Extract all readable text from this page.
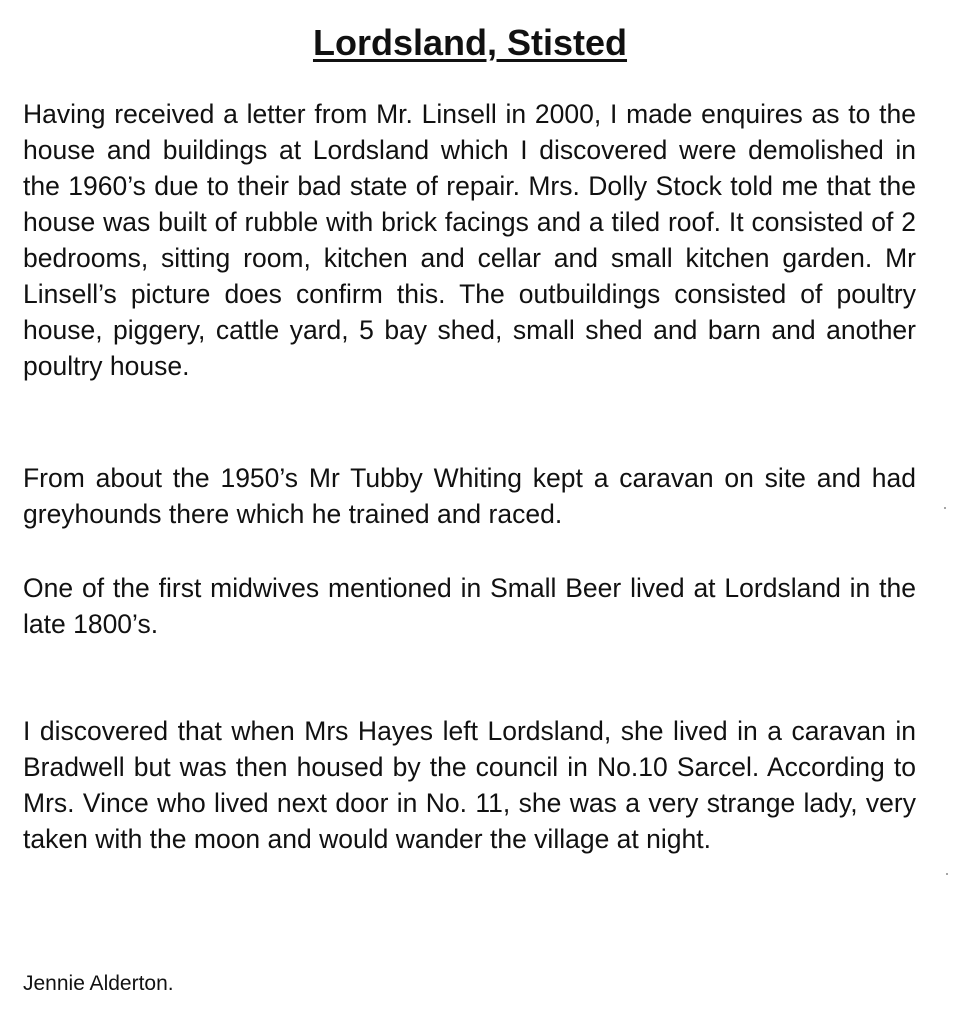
Lordsland, Stisted

Having received a letter from Mr. Linsell in 2000, I made enquires as to the house and buildings at Lordsland which I discovered were demolished in the 1960’s due to their bad state of repair. Mrs. Dolly Stock told me that the house was built of rubble with brick facings and a tiled roof. It consisted of 2 bedrooms, sitting room, kitchen and cellar and small kitchen garden. Mr Linsell’s picture does confirm this. The outbuildings consisted of poultry house, piggery, cattle yard, 5 bay shed, small shed and barn and another poultry house.

From about the 1950’s Mr Tubby Whiting kept a caravan on site and had greyhounds there which he trained and raced.

One of the first midwives mentioned in Small Beer lived at Lordsland in the late 1800’s.

I discovered that when Mrs Hayes left Lordsland, she lived in a caravan in Bradwell but was then housed by the council in No.10 Sarcel. According to Mrs. Vince who lived next door in No. 11, she was a very strange lady, very taken with the moon and would wander the village at night.

Jennie Alderton.
